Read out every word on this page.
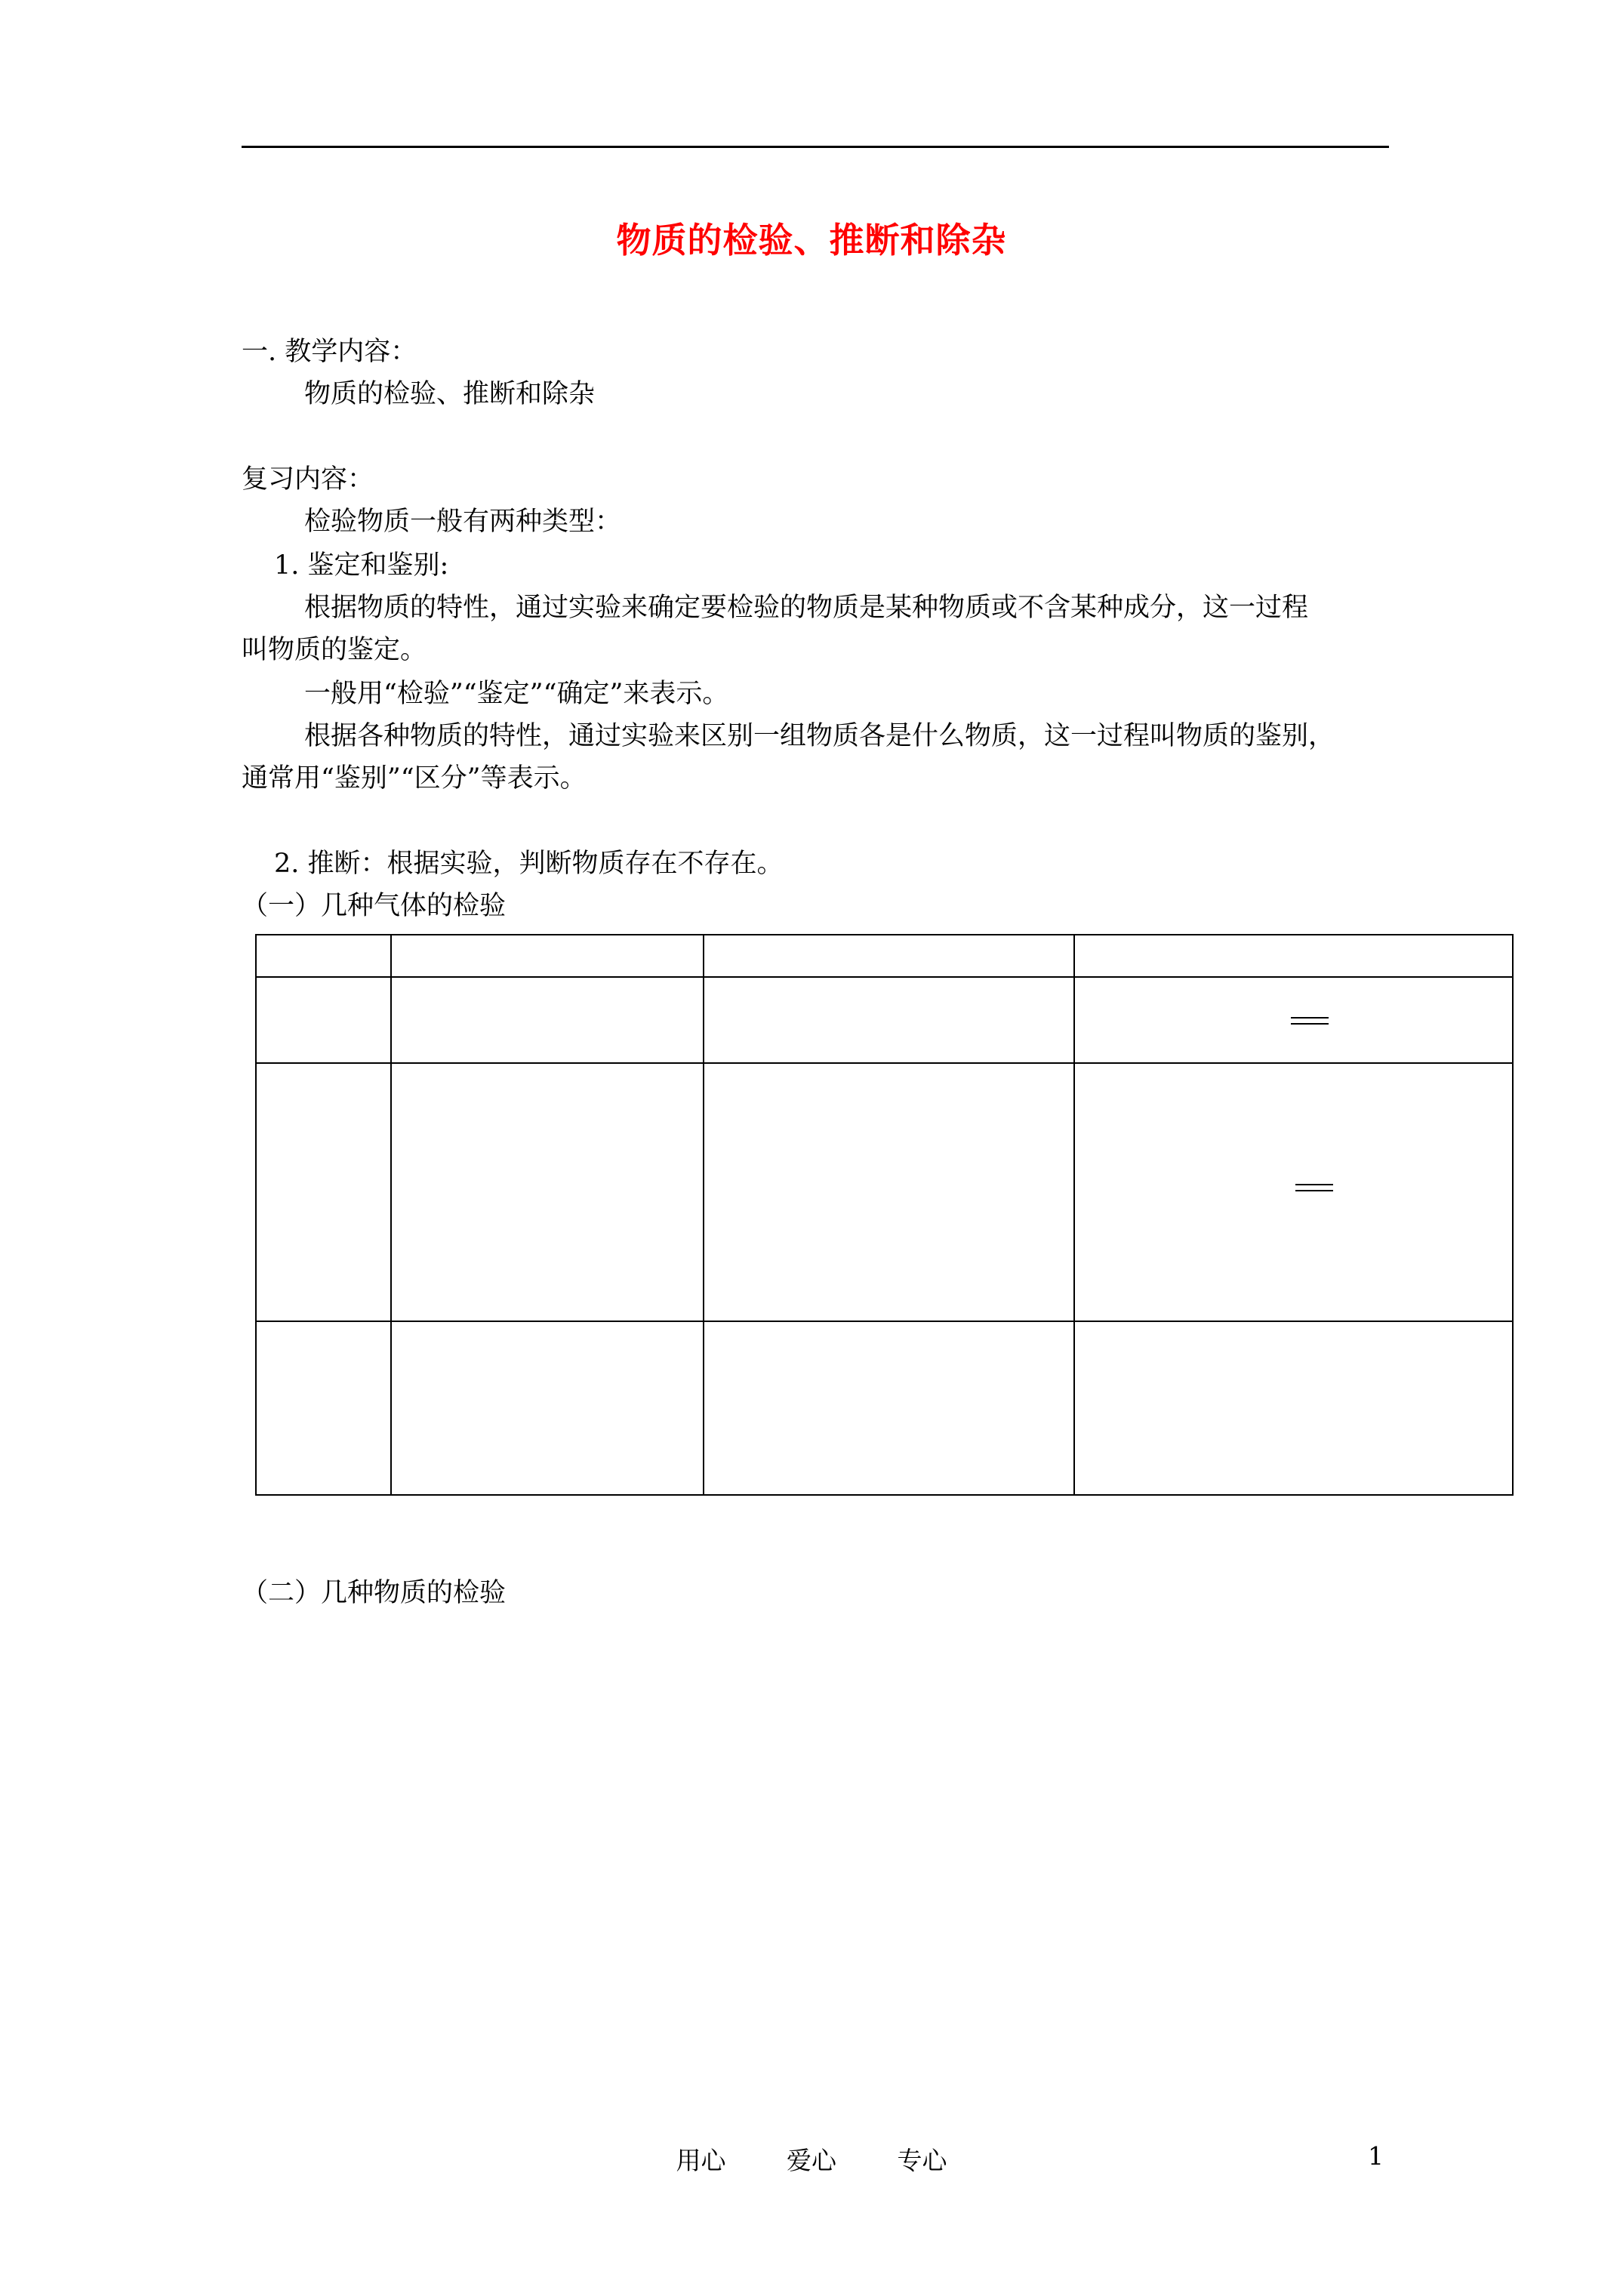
物质的检验、推断和除杂
一. 教学内容：
物质的检验、推断和除杂
复习内容：
检验物质一般有两种类型：
1. 鉴定和鉴别:
根据物质的特性，通过实验来确定要检验的物质是某种物质或不含某种成分，这一过程
叫物质的鉴定。
一般用“检验”“鉴定”“确定”来表示。
根据各种物质的特性，通过实验来区别一组物质各是什么物质，这一过程叫物质的鉴别，
通常用“鉴别”“区分”等表示。
2. 推断：根据实验，判断物质存在不存在。
（一）几种气体的检验
（二）几种物质的检验
用心 爱心 专心	1
